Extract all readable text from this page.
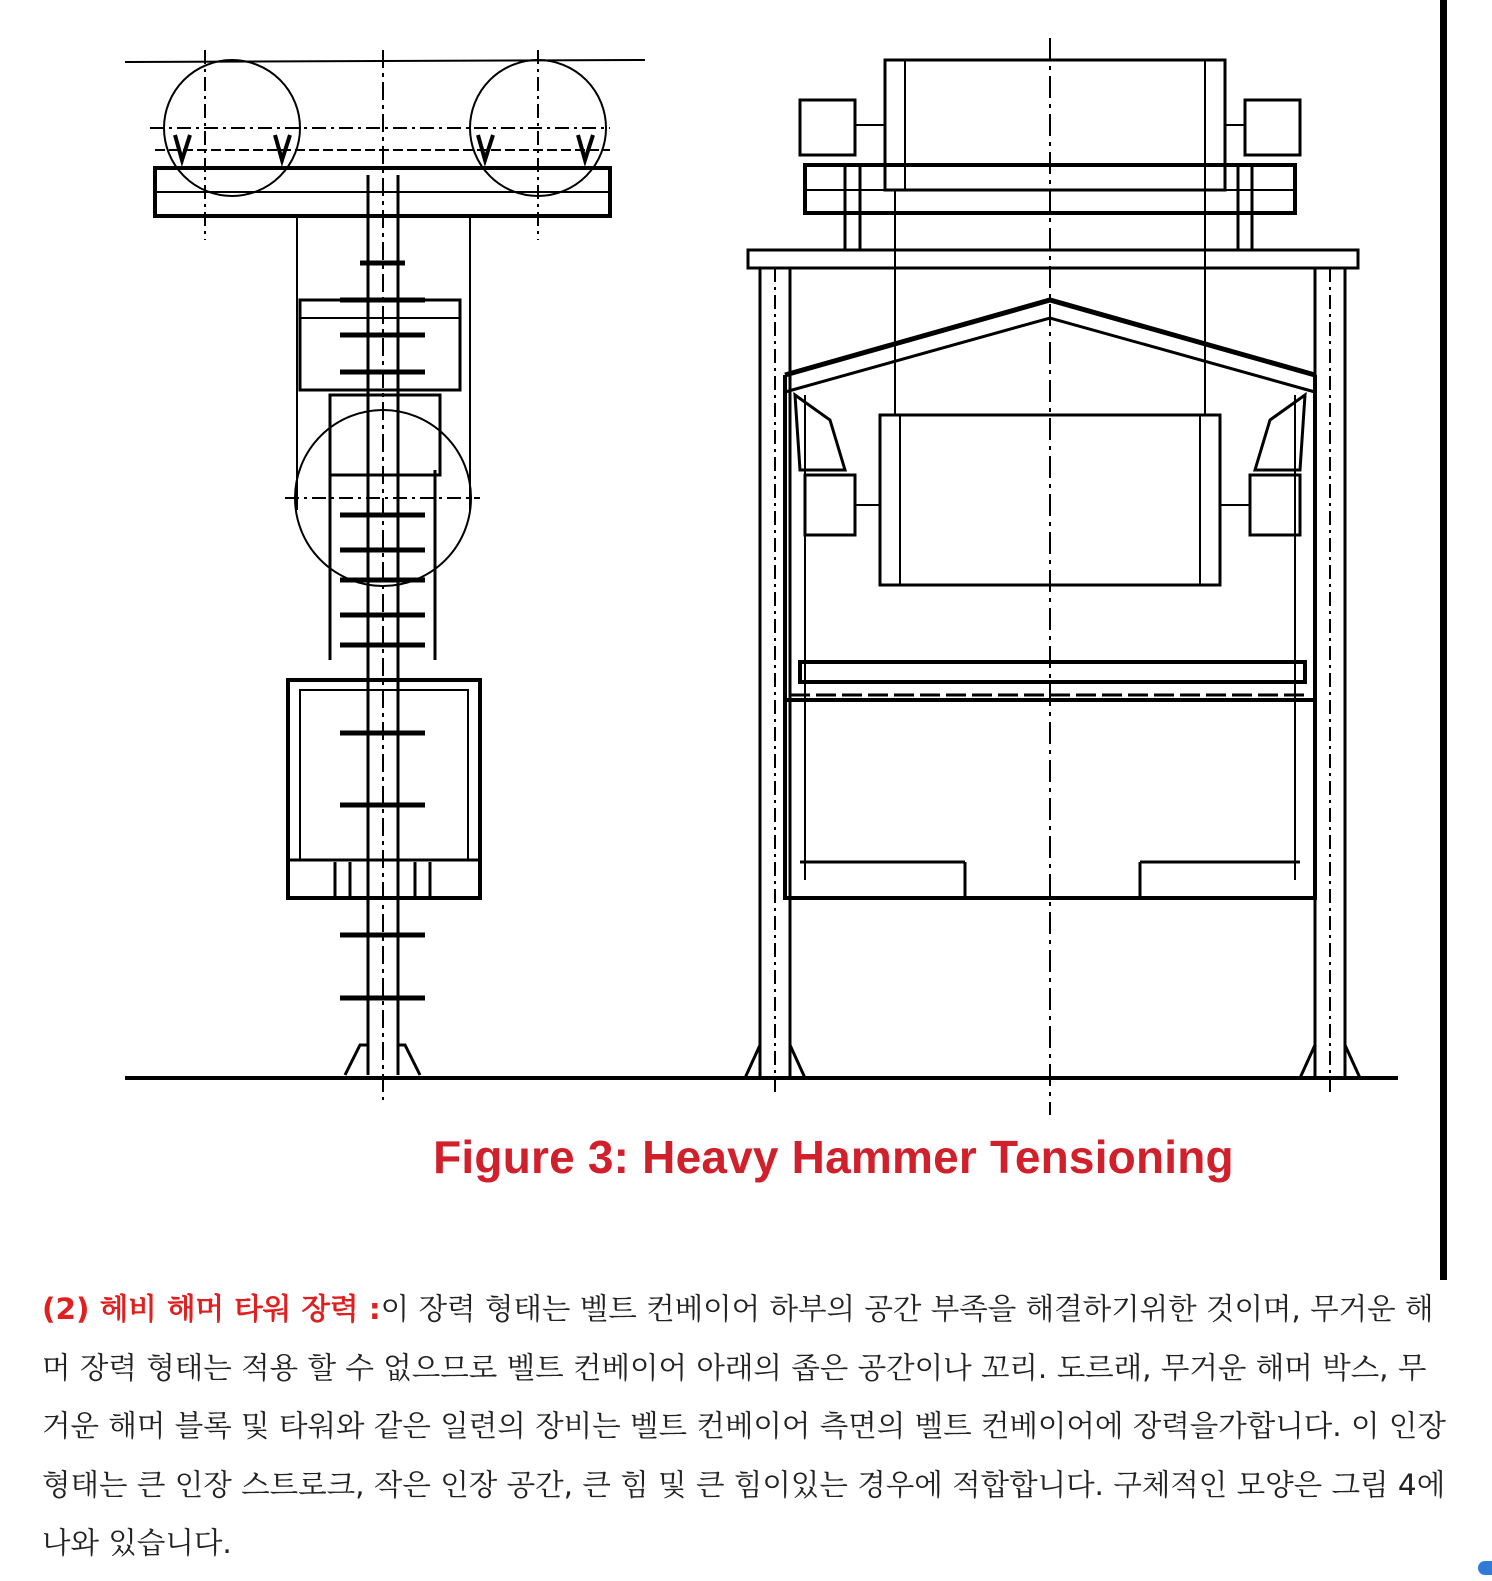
Figure 3: Heavy Hammer Tensioning

(2) 헤비 해머 타워 장력 :이 장력 형태는 벨트 컨베이어 하부의 공간 부족을 해결하기위한 것이며, 무거운 해머 장력 형태는 적용 할 수 없으므로 벨트 컨베이어 아래의 좁은 공간이나 꼬리. 도르래, 무거운 해머 박스, 무거운 해머 블록 및 타워와 같은 일련의 장비는 벨트 컨베이어 측면의 벨트 컨베이어에 장력을가합니다. 이 인장 형태는 큰 인장 스트로크, 작은 인장 공간, 큰 힘 및 큰 힘이있는 경우에 적합합니다. 구체적인 모양은 그림 4에 나와 있습니다.
